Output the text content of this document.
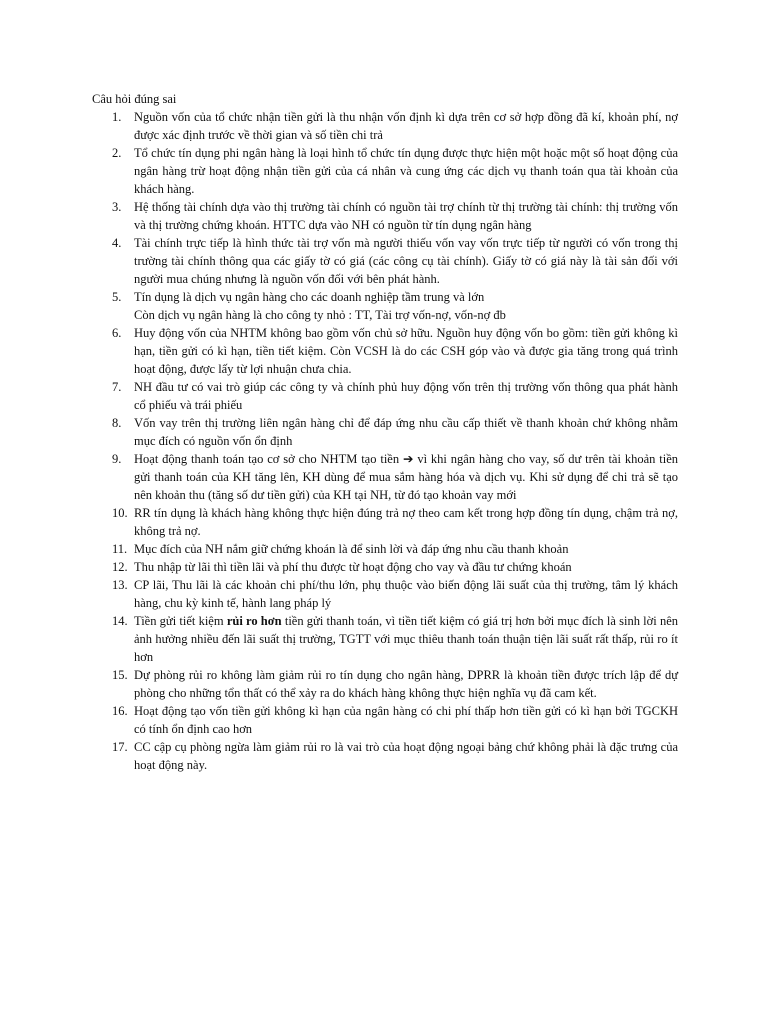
Câu hỏi đúng sai

1. Nguồn vốn của tổ chức nhận tiền gửi là thu nhận vốn định kì dựa trên cơ sở hợp đồng đã kí, khoản phí, nợ được xác định trước về thời gian và số tiền chi trả
2. Tổ chức tín dụng phi ngân hàng là loại hình tổ chức tín dụng được thực hiện một hoặc một số hoạt động của ngân hàng trừ hoạt động nhận tiền gửi của cá nhân và cung ứng các dịch vụ thanh toán qua tài khoản của khách hàng.
3. Hệ thống tài chính dựa vào thị trường tài chính có nguồn tài trợ chính từ thị trường tài chính: thị trường vốn và thị trường chứng khoán. HTTC dựa vào NH có nguồn từ tín dụng ngân hàng
4. Tài chính trực tiếp là hình thức tài trợ vốn mà người thiếu vốn vay vốn trực tiếp từ người có vốn trong thị trường tài chính thông qua các giấy tờ có giá (các công cụ tài chính). Giấy tờ có giá này là tài sản đối với người mua chúng nhưng là nguồn vốn đối với bên phát hành.
5. Tín dụng là dịch vụ ngân hàng cho các doanh nghiệp tầm trung và lớn
Còn dịch vụ ngân hàng là cho công ty nhỏ : TT, Tài trợ vốn-nợ, vốn-nợ đb
6. Huy động vốn của NHTM không bao gồm vốn chủ sở hữu. Nguồn huy động vốn bo gồm: tiền gửi không kì hạn, tiền gửi có kì hạn, tiền tiết kiệm. Còn VCSH là do các CSH góp vào và được gia tăng trong quá trình hoạt động, được lấy từ lợi nhuận chưa chia.
7. NH đầu tư có vai trò giúp các công ty và chính phủ huy động vốn trên thị trường vốn thông qua phát hành cổ phiếu và trái phiếu
8. Vốn vay trên thị trường liên ngân hàng chỉ để đáp ứng nhu cầu cấp thiết về thanh khoản chứ không nhằm mục đích có nguồn vốn ổn định
9. Hoạt động thanh toán tạo cơ sở cho NHTM tạo tiền ➔ vì khi ngân hàng cho vay, số dư trên tài khoản tiền gửi thanh toán của KH tăng lên, KH dùng để mua sắm hàng hóa và dịch vụ. Khi sử dụng để chi trả sẽ tạo nên khoản thu (tăng số dư tiền gửi) của KH tại NH, từ đó tạo khoản vay mới
10. RR tín dụng là khách hàng không thực hiện đúng trả nợ theo cam kết trong hợp đồng tín dụng, chậm trả nợ, không trả nợ.
11. Mục đích của NH nắm giữ chứng khoán là để sinh lời và đáp ứng nhu cầu thanh khoản
12. Thu nhập từ lãi thì tiền lãi và phí thu được từ hoạt động cho vay và đầu tư chứng khoán
13. CP lãi, Thu lãi là các khoản chi phí/thu lớn, phụ thuộc vào biến động lãi suất của thị trường, tâm lý khách hàng, chu kỳ kinh tế, hành lang pháp lý
14. Tiền gửi tiết kiệm rủi ro hơn tiền gửi thanh toán, vì tiền tiết kiệm có giá trị hơn bởi mục đích là sinh lời nên ảnh hưởng nhiều đến lãi suất thị trường, TGTT với mục thiêu thanh toán thuận tiện lãi suất rất thấp, rủi ro ít hơn
15. Dự phòng rủi ro không làm giảm rủi ro tín dụng cho ngân hàng, DPRR là khoản tiền được trích lập để dự phòng cho những tổn thất có thể xảy ra do khách hàng không thực hiện nghĩa vụ đã cam kết.
16. Hoạt động tạo vốn tiền gửi không kì hạn của ngân hàng có chi phí thấp hơn tiền gửi có kì hạn bởi TGCKH có tính ổn định cao hơn
17. CC cập cụ phòng ngừa làm giảm rủi ro là vai trò của hoạt động ngoại bảng chứ không phải là đặc trưng của hoạt động này.
